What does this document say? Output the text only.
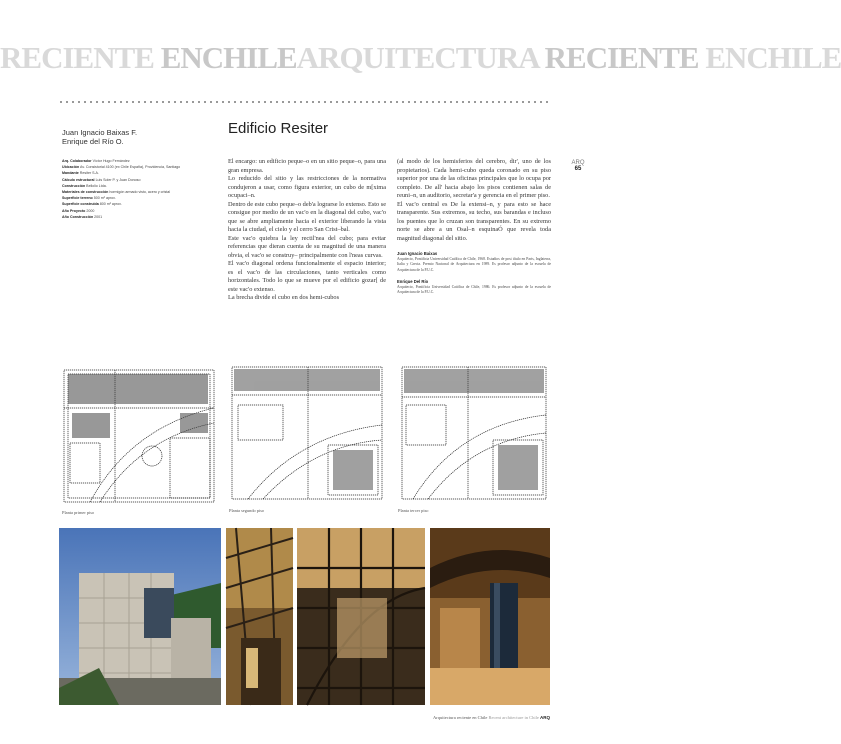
RECIENTE ENCHILEARQUITECTURA RECIENTE ENCHILE
Juan Ignacio Baixas F.
Enrique del Río O.
Arq. Colaborador Víctor Hugo Fernández
Ubicación Av. Consistorial 4100 (ex Chile España), Providencia, Santiago
Mandante Resiter S.A.
Cálculo estructural Luis Soler P. y Juan Donoso
Construcción Bellolio Ltda.
Materiales de construcción hormigón armado visto, acero y cristal
Superficie terreno 500 m² aprox.
Superficie construida 800 m² aprox.
Año Proyecto 2000
Año Construcción 2001
Edificio Resiter

El encargo: un edificio peque–o en un sitio peque–o, para una gran empresa.

Lo reducido del sitio y las restricciones de la normativa condujeron a usar, como figura exterior, un cubo de m[xima ocupaci–n.

Dentro de este cubo peque–o deb'a lograrse lo extenso. Esto se consigue por medio de un vac'o en la diagonal del cubo, vac'o que se abre ampliamente hacia el exterior liberando la vista hacia la ciudad, el cielo y el cerro San Crist–bal.

Este vac'o quiebra la ley rectil'nea del cubo; para evitar referencias que dieran cuenta de su magnitud de una manera obvia, el vac'o se construy– principalmente con l'neas curvas.

El vac'o diagonal ordena funcionalmente el espacio interior; es el vac'o de las circulaciones, tanto verticales como horizontales. Todo lo que se mueve por el edificio gozar[ de este vac'o extenso.

La brecha divide el cubo en dos hemi-cubos

(al modo de los hemisferios del cerebro, dir', uno de los propietarios). Cada hemi-cubo queda coronado en su piso superior por una de las oficinas principales que lo ocupa por completo. De all' hacia abajo los pisos contienen salas de reuni–n, un auditorio, secretar'a y gerencia en el primer piso.

El vac'o central es De la extensi–n, y para esto se hace transparente. Sus extremos, su techo, sus barandas e incluso los puentes que lo cruzan son transparentes. En su extremo norte se abre a un Osal–n esquinaÓ que revela toda magnitud diagonal del sitio.

Juan Ignacio Baixas
Arquitecto, Pontificia Universidad Católica de Chile, 1968. Estudios de post título en Paris, Inglaterra, Italia y Grecia. Premio Nacional de Arquitectura en 1989. Es profesor adjunto de la escuela de Arquitectura de la P.U.C.
Enrique Del Río
Arquitecto, Pontificia Universidad Católica de Chile, 1986. Es profesor adjunto de la escuela de Arquitectura de la P.U.C.
ARQ
65
Planta primer piso	Planta segundo piso	Planta tercer piso
Arquitectura reciente en Chile Recent architecture in Chile ARQ
